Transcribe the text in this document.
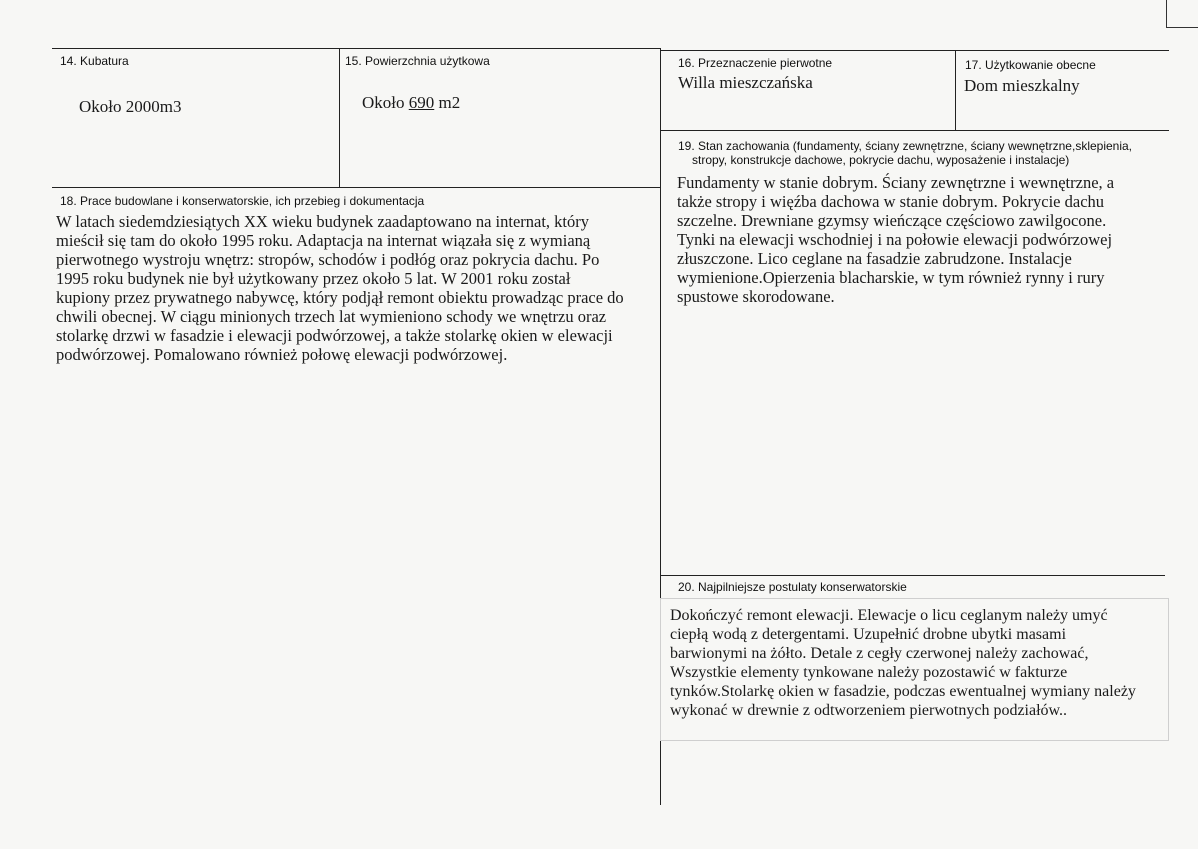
14. Kubatura
Około 2000m3
15. Powierzchnia użytkowa
Około 690 m2
16. Przeznaczenie pierwotne
Willa mieszczańska
17. Użytkowanie obecne
Dom mieszkalny
18. Prace budowlane i konserwatorskie, ich przebieg i dokumentacja
W latach siedemdziesiątych XX wieku budynek zaadaptowano na internat, który
mieścił się tam do około 1995 roku. Adaptacja na internat wiązała się z wymianą
pierwotnego wystroju wnętrz: stropów, schodów i podłóg oraz pokrycia dachu. Po
1995 roku budynek nie był użytkowany przez około 5 lat. W 2001 roku został
kupiony przez prywatnego nabywcę, który podjął remont obiektu prowadząc prace do
chwili obecnej. W ciągu minionych trzech lat wymieniono schody we wnętrzu oraz
stolarkę drzwi w fasadzie i elewacji podwórzowej, a także stolarkę okien w elewacji
podwórzowej. Pomalowano również połowę elewacji podwórzowej.
19. Stan zachowania (fundamenty, ściany zewnętrzne, ściany wewnętrzne,sklepienia,
stropy, konstrukcje dachowe, pokrycie dachu, wyposażenie i instalacje)
Fundamenty w stanie dobrym. Ściany zewnętrzne i wewnętrzne, a
także stropy i więźba dachowa w stanie dobrym. Pokrycie dachu
szczelne. Drewniane gzymsy wieńczące częściowo zawilgocone.
Tynki na elewacji wschodniej i na połowie elewacji podwórzowej
złuszczone. Lico ceglane na fasadzie zabrudzone. Instalacje
wymienione.Opierzenia blacharskie, w tym również rynny i rury
spustowe skorodowane.
20. Najpilniejsze postulaty konserwatorskie
Dokończyć remont elewacji. Elewacje o licu ceglanym należy umyć
ciepłą wodą z detergentami. Uzupełnić drobne ubytki masami
barwionymi na żółto. Detale z cegły czerwonej należy zachować,
Wszystkie elementy tynkowane należy pozostawić w fakturze
tynków.Stolarkę okien w fasadzie, podczas ewentualnej wymiany należy
wykonać w drewnie z odtworzeniem pierwotnych podziałów..
